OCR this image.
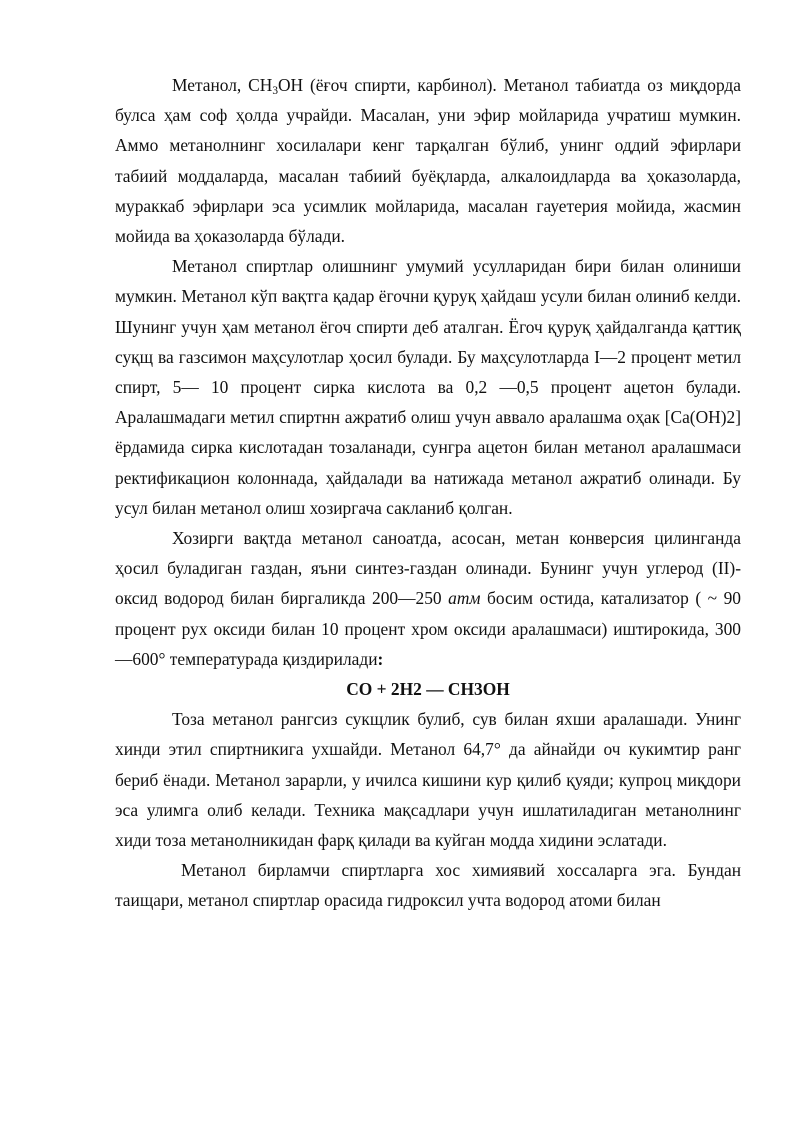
Метанол, $CH_3OH$ (ёғоч спирти, карбинол). Метанол табиатда оз миқдорда булса ҳам соф ҳолда учрайди. Масалан, уни эфир мойларида учратиш мумкин. Аммо метанолнинг хосилалари кенг тарқалган бўлиб, унинг оддий эфирлари табиий моддаларда, масалан табиий буёқларда, алкалоидларда ва ҳоказоларда, мураккаб эфирлари эса усимлик мойларида, масалан гауетерия мойида, жасмин мойида ва ҳоказоларда бўлади.

Метанол спиртлар олишнинг умумий усулларидан бири билан олиниши мумкин. Метанол кўп вақтга қадар ёгочни қуруқ ҳайдаш усули билан олиниб келди. Шунинг учун ҳам метанол ёгоч спирти деб аталган. Ёгоч қуруқ ҳайдалганда қаттиқ суқщ ва газсимон маҳсулотлар ҳосил булади. Бу маҳсулотларда I—2 процент метил спирт, 5— 10 процент сирка кислота ва 0,2 —0,5 процент ацетон булади. Аралашмадаги метил спиртнн ажратиб олиш учун аввало аралашма оҳак [Ca(OH)2] ёрдамида сирка кислотадан тозаланади, сунгра ацетон билан метанол аралашмаси ректификацион колоннада, ҳайдалади ва натижада метанол ажратиб олинади. Бу усул билан метанол олиш хозиргача сакланиб қолган.

Хозирги вақтда метанол саноатда, асосан, метан конверсия цилинганда ҳосил буладиган газдан, яъни синтез-газдан олинади. Бунинг учун углерод (II)-оксид водород билан биргаликда 200—250 атм босим остида, катализатор ( ~ 90 процент рух оксиди билан 10 процент хром оксиди аралашмаси) иштирокида, 300—600° температурада қиздирилади:

CO + 2H2 — CH3OH

Тоза метанол рангсиз сукщлик булиб, сув билан яхши аралашади. Унинг хинди этил спиртникига ухшайди. Метанол 64,7° да айнайди оч кукимтир ранг бериб ёнади. Метанол зарарли, у ичилса кишини кур қилиб қуяди; купроц миқдори эса улимга олиб келади. Техника мақсадлари учун ишлатиладиган метанолнинг хиди тоза метанолникидан фарқ қилади ва куйган модда хидини эслатади.

Метанол бирламчи спиртларга хос химиявий хоссаларга эга. Бундан таищари, метанол спиртлар орасида гидроксил учта водород атоми билан
